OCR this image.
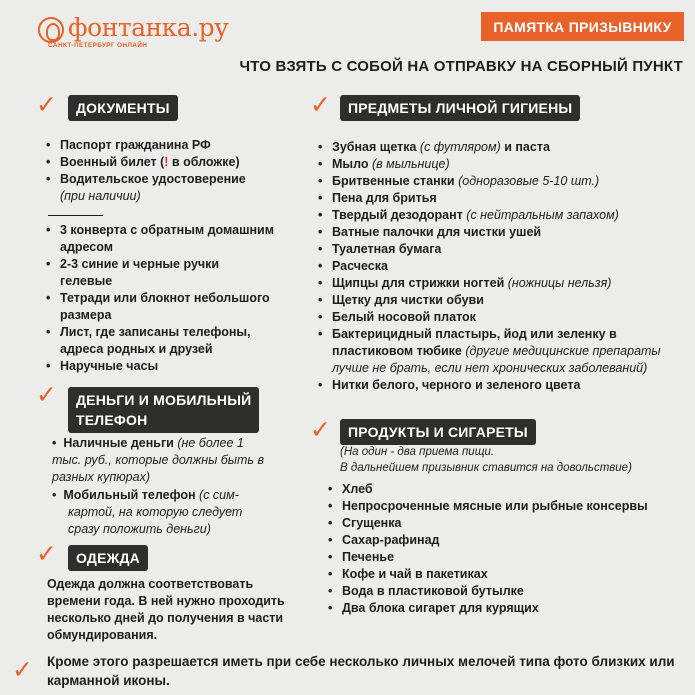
фонтанка.ру
САНКТ-ПЕТЕРБУРГ ОНЛАЙН
ПАМЯТКА ПРИЗЫВНИКУ
ЧТО ВЗЯТЬ С СОБОЙ НА ОТПРАВКУ НА СБОРНЫЙ ПУНКТ
✓	ДОКУМЕНТЫ
• Паспорт гражданина РФ
• Военный билет (! в обложке)
• Водительское удостоверение
(при наличии)
• 3 конверта с обратным домашним адресом
• 2-3 синие и черные ручки гелевые
• Тетради или блокнот небольшого размера
• Лист, где записаны телефоны, адреса родных и друзей
• Наручные часы
✓	ДЕНЬГИ И МОБИЛЬНЫЙ
ТЕЛЕФОН
•  Наличные деньги (не более 1 тыс. руб., которые должны быть в разных купюрах)
•  Мобильный телефон (с сим-картой, на которую следует сразу положить деньги)
✓	ОДЕЖДА
Одежда должна соответствовать времени года. В ней нужно проходить несколько дней до получения в части обмундирования.
✓	ПРЕДМЕТЫ ЛИЧНОЙ ГИГИЕНЫ
• Зубная щетка (с футляром) и паста
• Мыло (в мыльнице)
• Бритвенные станки (одноразовые 5-10 шт.)
• Пена для бритья
• Твердый дезодорант (с нейтральным запахом)
• Ватные палочки для чистки ушей
• Туалетная бумага
• Расческа
• Щипцы для стрижки ногтей (ножницы нельзя)
• Щетку для чистки обуви
• Белый носовой платок
• Бактерицидный пластырь, йод или зеленку в пластиковом тюбике (другие медицинские препараты лучше не брать, если нет хронических заболеваний)
• Нитки белого, черного и зеленого цвета
✓	ПРОДУКТЫ И СИГАРЕТЫ
(На один - два приема пищи.
В дальнейшем призывник ставится на довольствие)
• Хлеб
• Непросроченные мясные или рыбные консервы
• Сгущенка
• Сахар-рафинад
• Печенье
• Кофе и чай в пакетиках
• Вода в пластиковой бутылке
• Два блока сигарет для курящих
✓ Кроме этого разрешается иметь при себе несколько личных мелочей типа фото близких или карманной иконы.
